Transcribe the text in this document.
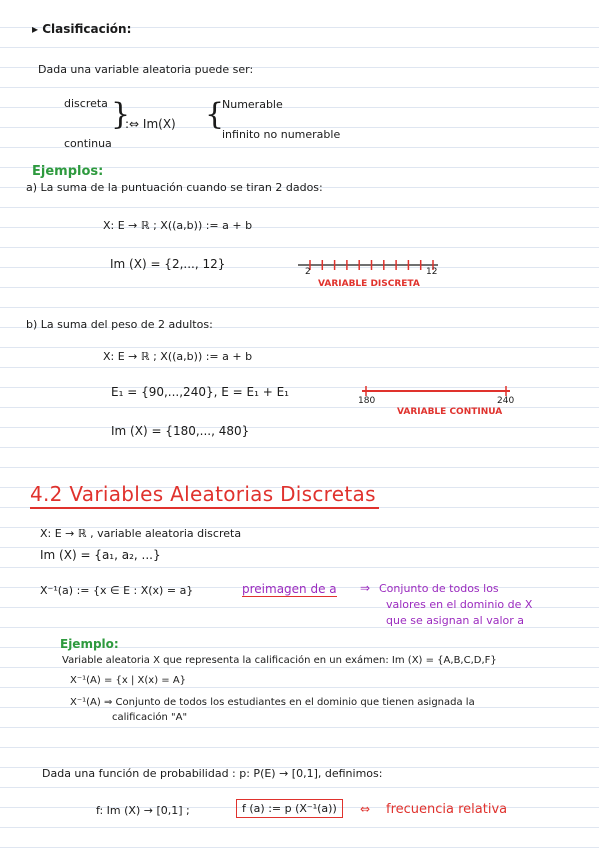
▸ Clasificación:
Dada una variable aleatoria puede ser:
discreta
continua
}
:⇔ Im(X) {
Numerable
infinito no numerable
Ejemplos:
a) La suma de la puntuación cuando se tiran 2 dados:
X: E → ℝ ; X((a,b)) := a + b
Im (X) = {2,..., 12}
2	12
VARIABLE DISCRETA
b) La suma del peso de 2 adultos:
X: E → ℝ ; X((a,b)) := a + b
E₁ = {90,...,240}, E = E₁ + E₁
Im (X) = {180,..., 480}
180	240
VARIABLE CONTINUA
4.2 Variables Aleatorias Discretas
X: E → ℝ , variable aleatoria discreta
Im (X) = {a₁, a₂, ...}
X⁻¹(a) := {x ∈ E : X(x) = a}	preimagen de a ⇒ Conjunto de todos los
valores en el dominio de X
que se asignan al valor a
Ejemplo:
Variable aleatoria X que representa la calificación en un exámen: Im (X) = {A,B,C,D,F}
X⁻¹(A) = {x | X(x) = A}
X⁻¹(A) ⇒ Conjunto de todos los estudiantes en el dominio que tienen asignada la
calificación "A"
Dada una función de probabilidad : p: P(E) → [0,1], definimos:
f: Im (X) → [0,1] ;	f (a) := p (X⁻¹(a))	⇔ frecuencia relativa
